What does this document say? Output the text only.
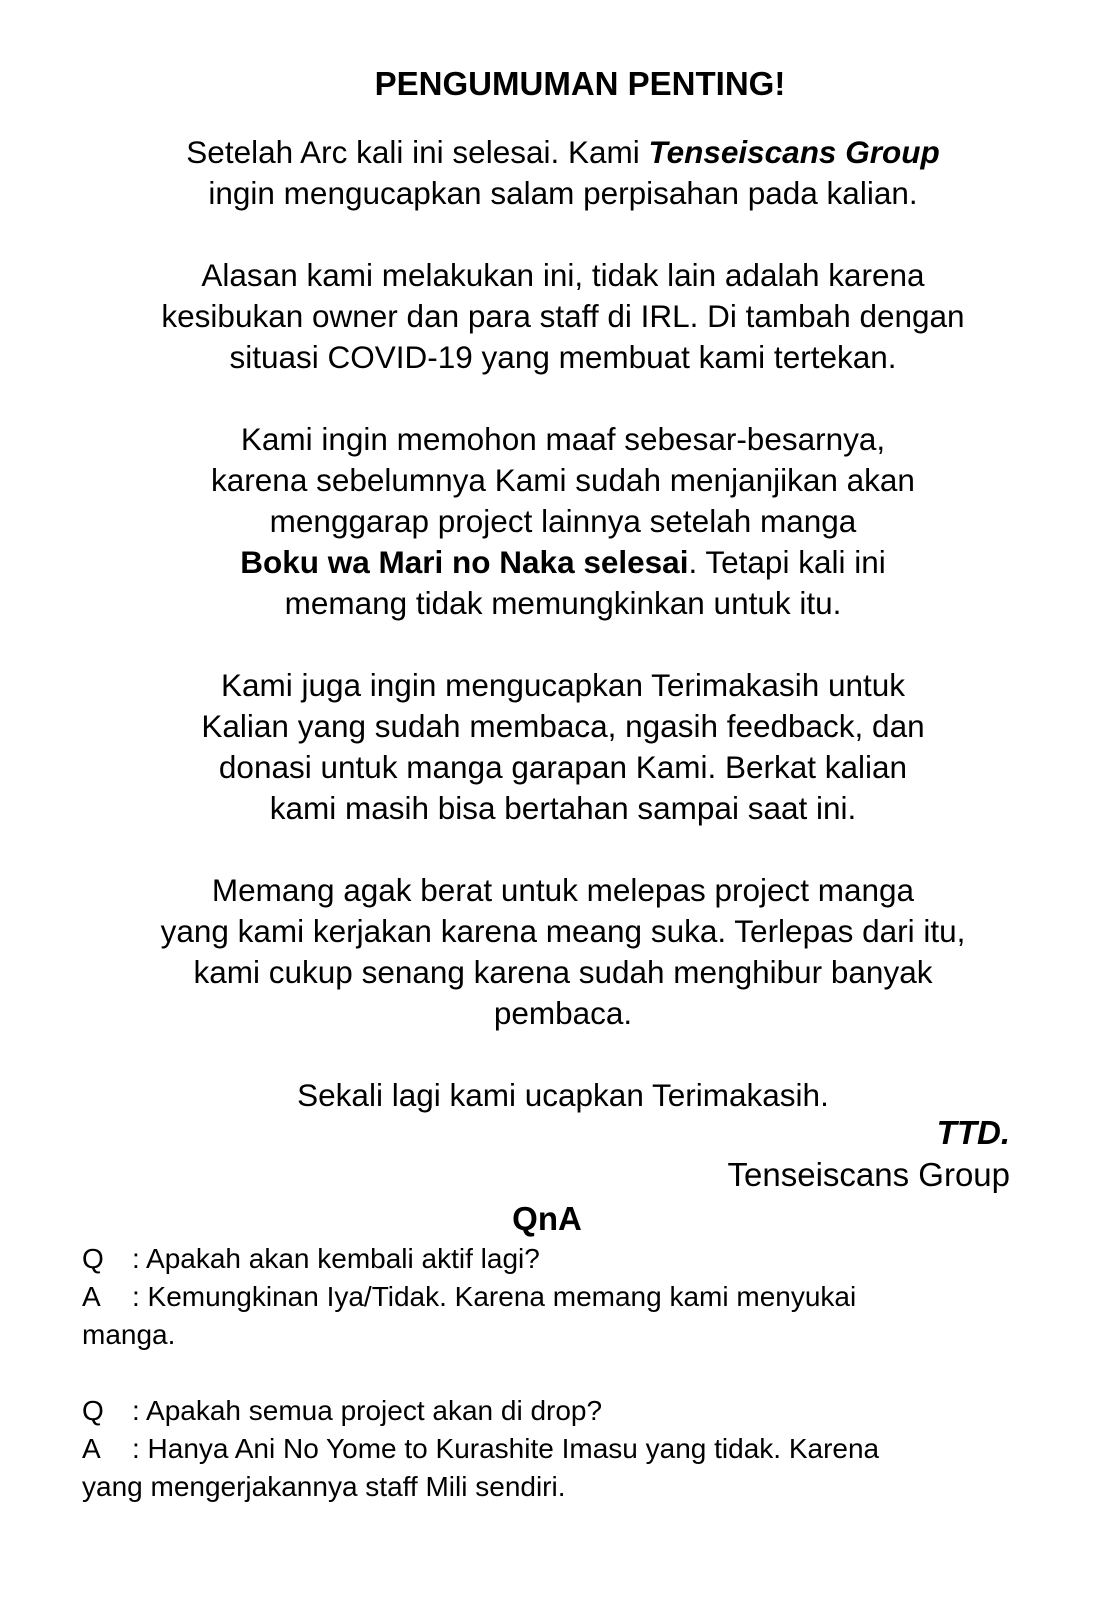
PENGUMUMAN PENTING!
Setelah Arc kali ini selesai. Kami Tenseiscans Group
ingin mengucapkan salam perpisahan pada kalian.
Alasan kami melakukan ini, tidak lain adalah karena
kesibukan owner dan para staff di IRL. Di tambah dengan
situasi COVID-19 yang membuat kami tertekan.
Kami ingin memohon maaf sebesar-besarnya,
karena sebelumnya Kami sudah menjanjikan akan
menggarap project lainnya setelah manga
Boku wa Mari no Naka selesai. Tetapi kali ini
memang tidak memungkinkan untuk itu.
Kami juga ingin mengucapkan Terimakasih untuk
Kalian yang sudah membaca, ngasih feedback, dan
donasi untuk manga garapan Kami. Berkat kalian
kami masih bisa bertahan sampai saat ini.
Memang agak berat untuk melepas project manga
yang kami kerjakan karena meang suka. Terlepas dari itu,
kami cukup senang karena sudah menghibur banyak
pembaca.
Sekali lagi kami ucapkan Terimakasih.
TTD.
Tenseiscans Group
QnA
Q : Apakah akan kembali aktif lagi?
A : Kemungkinan Iya/Tidak. Karena memang kami menyukai
manga.
Q : Apakah semua project akan di drop?
A : Hanya Ani No Yome to Kurashite Imasu yang tidak. Karena
yang mengerjakannya staff Mili sendiri.
